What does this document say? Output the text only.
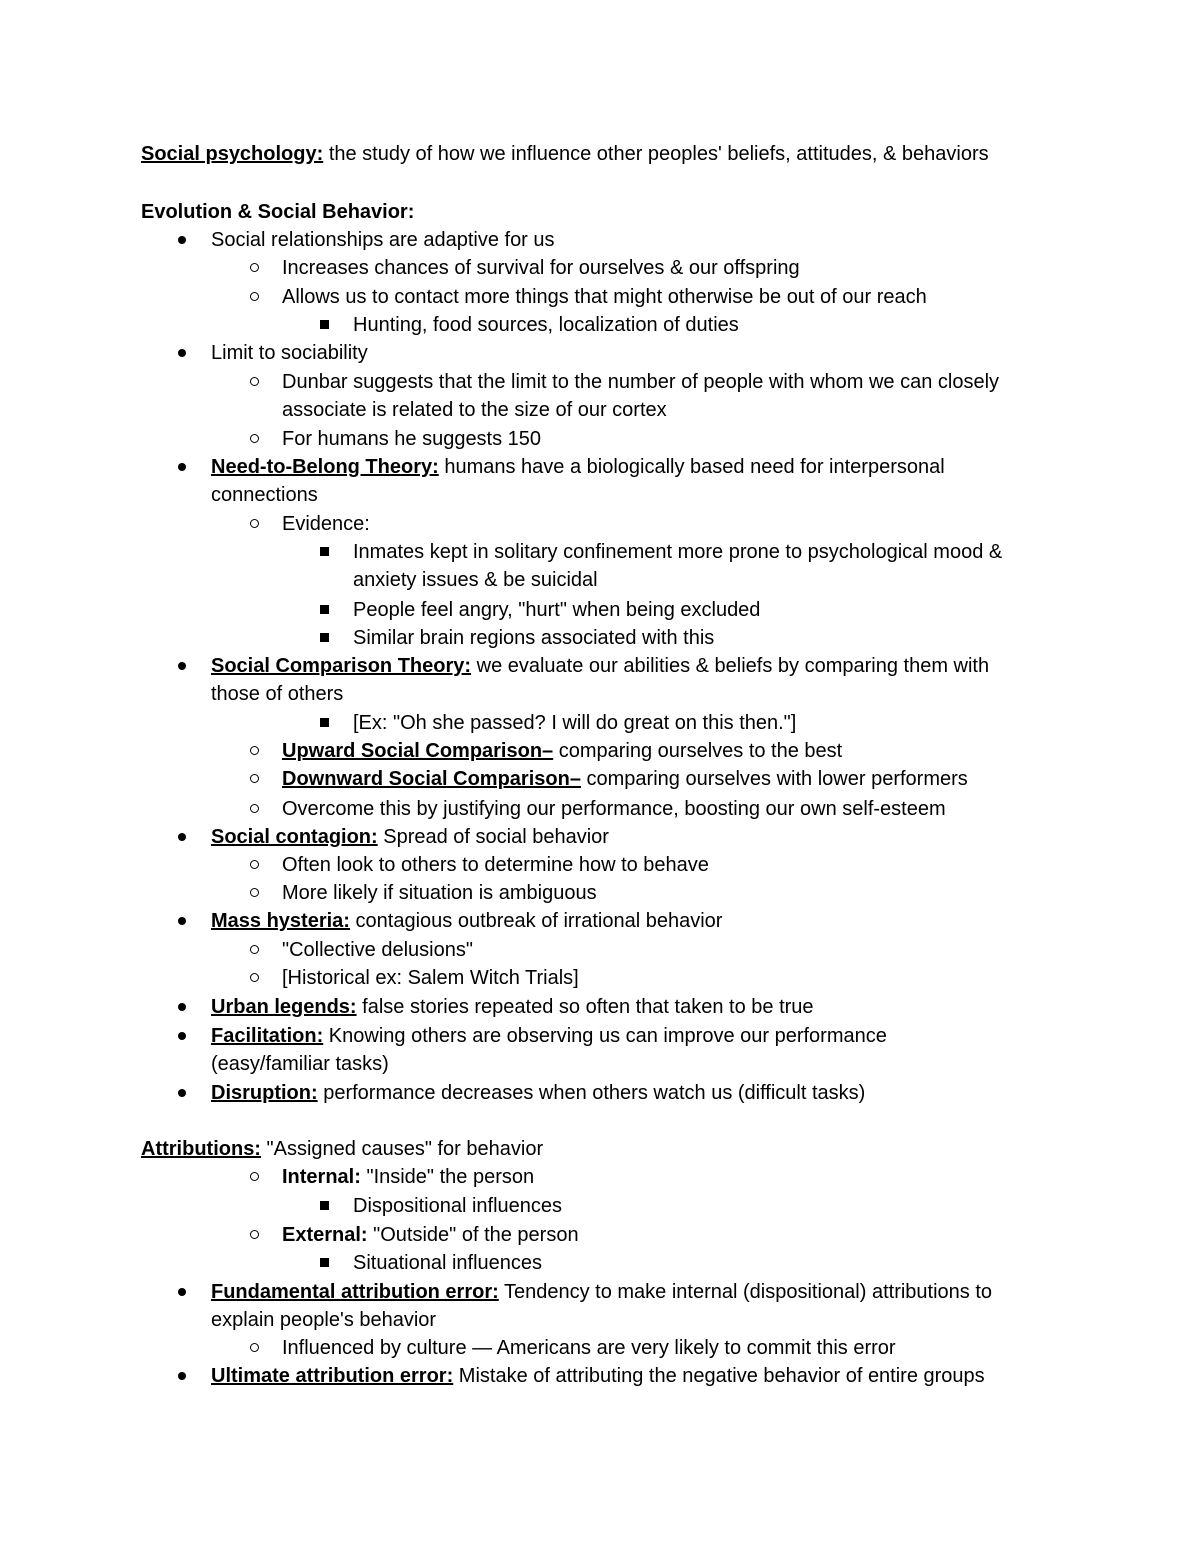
Social psychology: the study of how we influence other peoples' beliefs, attitudes, & behaviors
Evolution & Social Behavior:
Social relationships are adaptive for us
Increases chances of survival for ourselves & our offspring
Allows us to contact more things that might otherwise be out of our reach
Hunting, food sources, localization of duties
Limit to sociability
Dunbar suggests that the limit to the number of people with whom we can closely
associate is related to the size of our cortex
For humans he suggests 150
Need-to-Belong Theory: humans have a biologically based need for interpersonal
connections
Evidence:
Inmates kept in solitary confinement more prone to psychological mood &
anxiety issues & be suicidal
People feel angry, "hurt" when being excluded
Similar brain regions associated with this
Social Comparison Theory: we evaluate our abilities & beliefs by comparing them with
those of others
[Ex: "Oh she passed? I will do great on this then."]
Upward Social Comparison– comparing ourselves to the best
Downward Social Comparison– comparing ourselves with lower performers
Overcome this by justifying our performance, boosting our own self-esteem
Social contagion: Spread of social behavior
Often look to others to determine how to behave
More likely if situation is ambiguous
Mass hysteria: contagious outbreak of irrational behavior
"Collective delusions"
[Historical ex: Salem Witch Trials]
Urban legends: false stories repeated so often that taken to be true
Facilitation: Knowing others are observing us can improve our performance
(easy/familiar tasks)
Disruption: performance decreases when others watch us (difficult tasks)
Attributions: "Assigned causes" for behavior
Internal: "Inside" the person
Dispositional influences
External: "Outside" of the person
Situational influences
Fundamental attribution error: Tendency to make internal (dispositional) attributions to
explain people's behavior
Influenced by culture — Americans are very likely to commit this error
Ultimate attribution error: Mistake of attributing the negative behavior of entire groups
